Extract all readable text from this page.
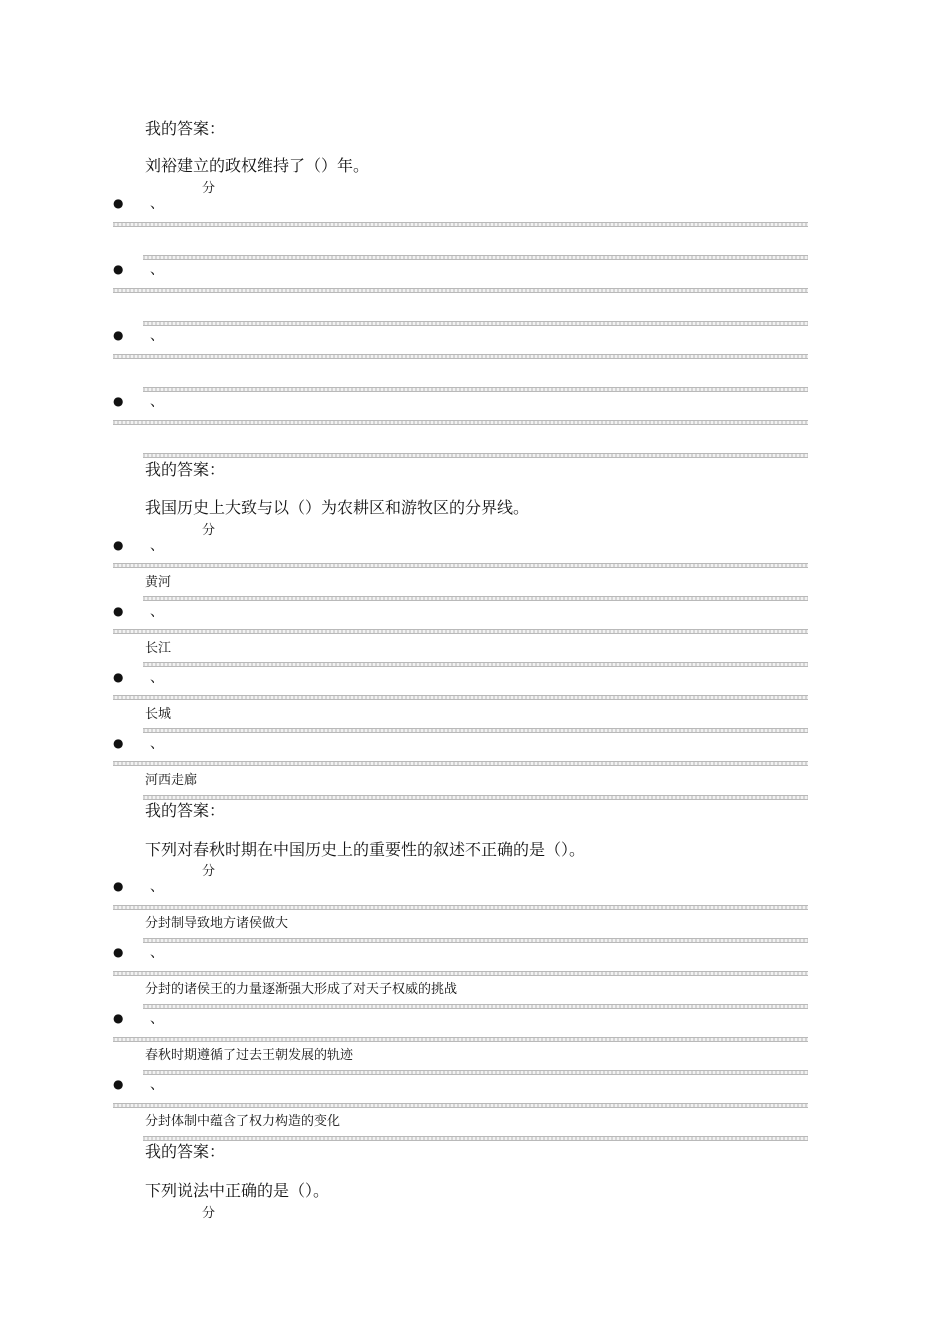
我的答案：
刘裕建立的政权维持了（）年。
分
● 、
● 、
● 、
● 、
我的答案：
我国历史上大致与以（）为农耕区和游牧区的分界线。
分
● 、
黄河
● 、
长江
● 、
长城
● 、
河西走廊
我的答案：
下列对春秋时期在中国历史上的重要性的叙述不正确的是（）。
分
● 、
分封制导致地方诸侯做大
● 、
分封的诸侯王的力量逐渐强大形成了对天子权威的挑战
● 、
春秋时期遵循了过去王朝发展的轨迹
● 、
分封体制中蕴含了权力构造的变化
我的答案：
下列说法中正确的是（）。
分
